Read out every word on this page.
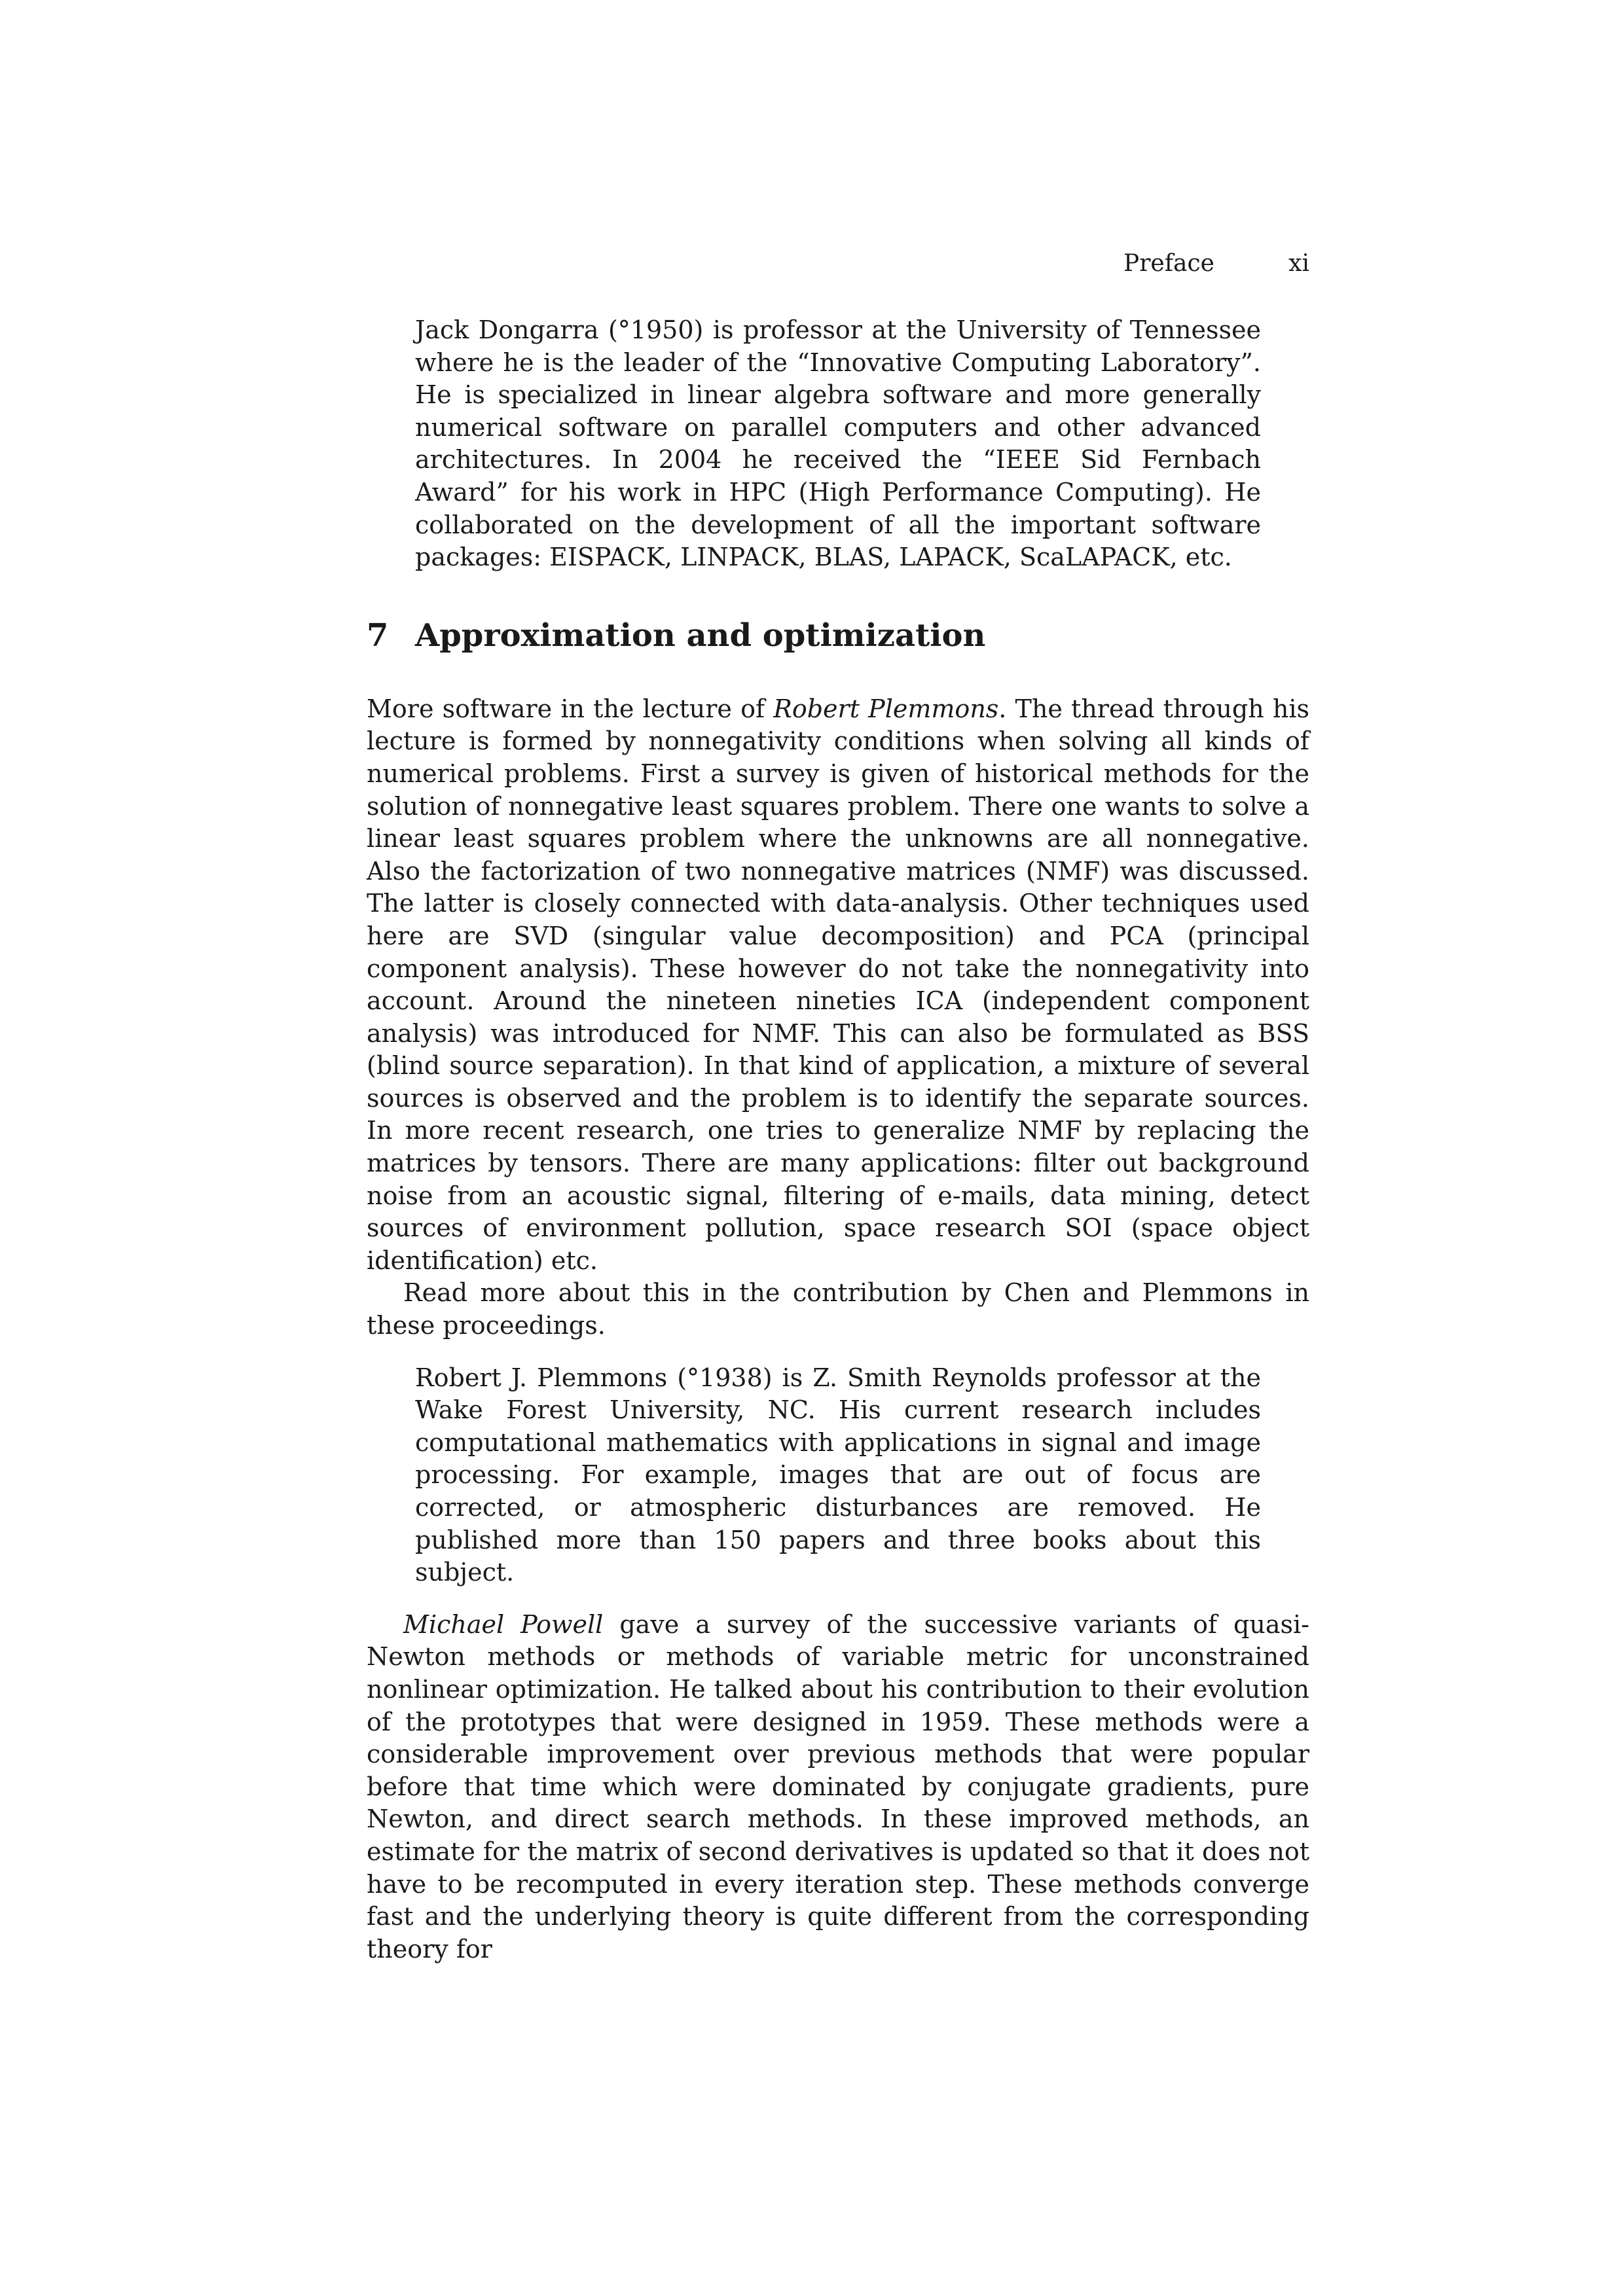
Preface	xi

Jack Dongarra (°1950) is professor at the University of Tennessee where he is the leader of the “Innovative Computing Laboratory”. He is specialized in linear algebra software and more generally numerical software on parallel computers and other advanced architectures. In 2004 he received the “IEEE Sid Fernbach Award” for his work in HPC (High Performance Computing). He collaborated on the development of all the important software packages: EISPACK, LINPACK, BLAS, LAPACK, ScaLAPACK, etc.

7 Approximation and optimization

More software in the lecture of Robert Plemmons. The thread through his lecture is formed by nonnegativity conditions when solving all kinds of numerical problems. First a survey is given of historical methods for the solution of nonnegative least squares problem. There one wants to solve a linear least squares problem where the unknowns are all nonnegative. Also the factorization of two nonnegative matrices (NMF) was discussed. The latter is closely connected with data-analysis. Other techniques used here are SVD (singular value decomposition) and PCA (principal component analysis). These however do not take the nonnegativity into account. Around the nineteen nineties ICA (independent component analysis) was introduced for NMF. This can also be formulated as BSS (blind source separation). In that kind of application, a mixture of several sources is observed and the problem is to identify the separate sources. In more recent research, one tries to generalize NMF by replacing the matrices by tensors. There are many applications: filter out background noise from an acoustic signal, filtering of e-mails, data mining, detect sources of environment pollution, space research SOI (space object identification) etc.

Read more about this in the contribution by Chen and Plemmons in these proceedings.

Robert J. Plemmons (°1938) is Z. Smith Reynolds professor at the Wake Forest University, NC. His current research includes computational mathematics with applications in signal and image processing. For example, images that are out of focus are corrected, or atmospheric disturbances are removed. He published more than 150 papers and three books about this subject.

Michael Powell gave a survey of the successive variants of quasi-Newton methods or methods of variable metric for unconstrained nonlinear optimization. He talked about his contribution to their evolution of the prototypes that were designed in 1959. These methods were a considerable improvement over previous methods that were popular before that time which were dominated by conjugate gradients, pure Newton, and direct search methods. In these improved methods, an estimate for the matrix of second derivatives is updated so that it does not have to be recomputed in every iteration step. These methods converge fast and the underlying theory is quite different from the corresponding theory for
